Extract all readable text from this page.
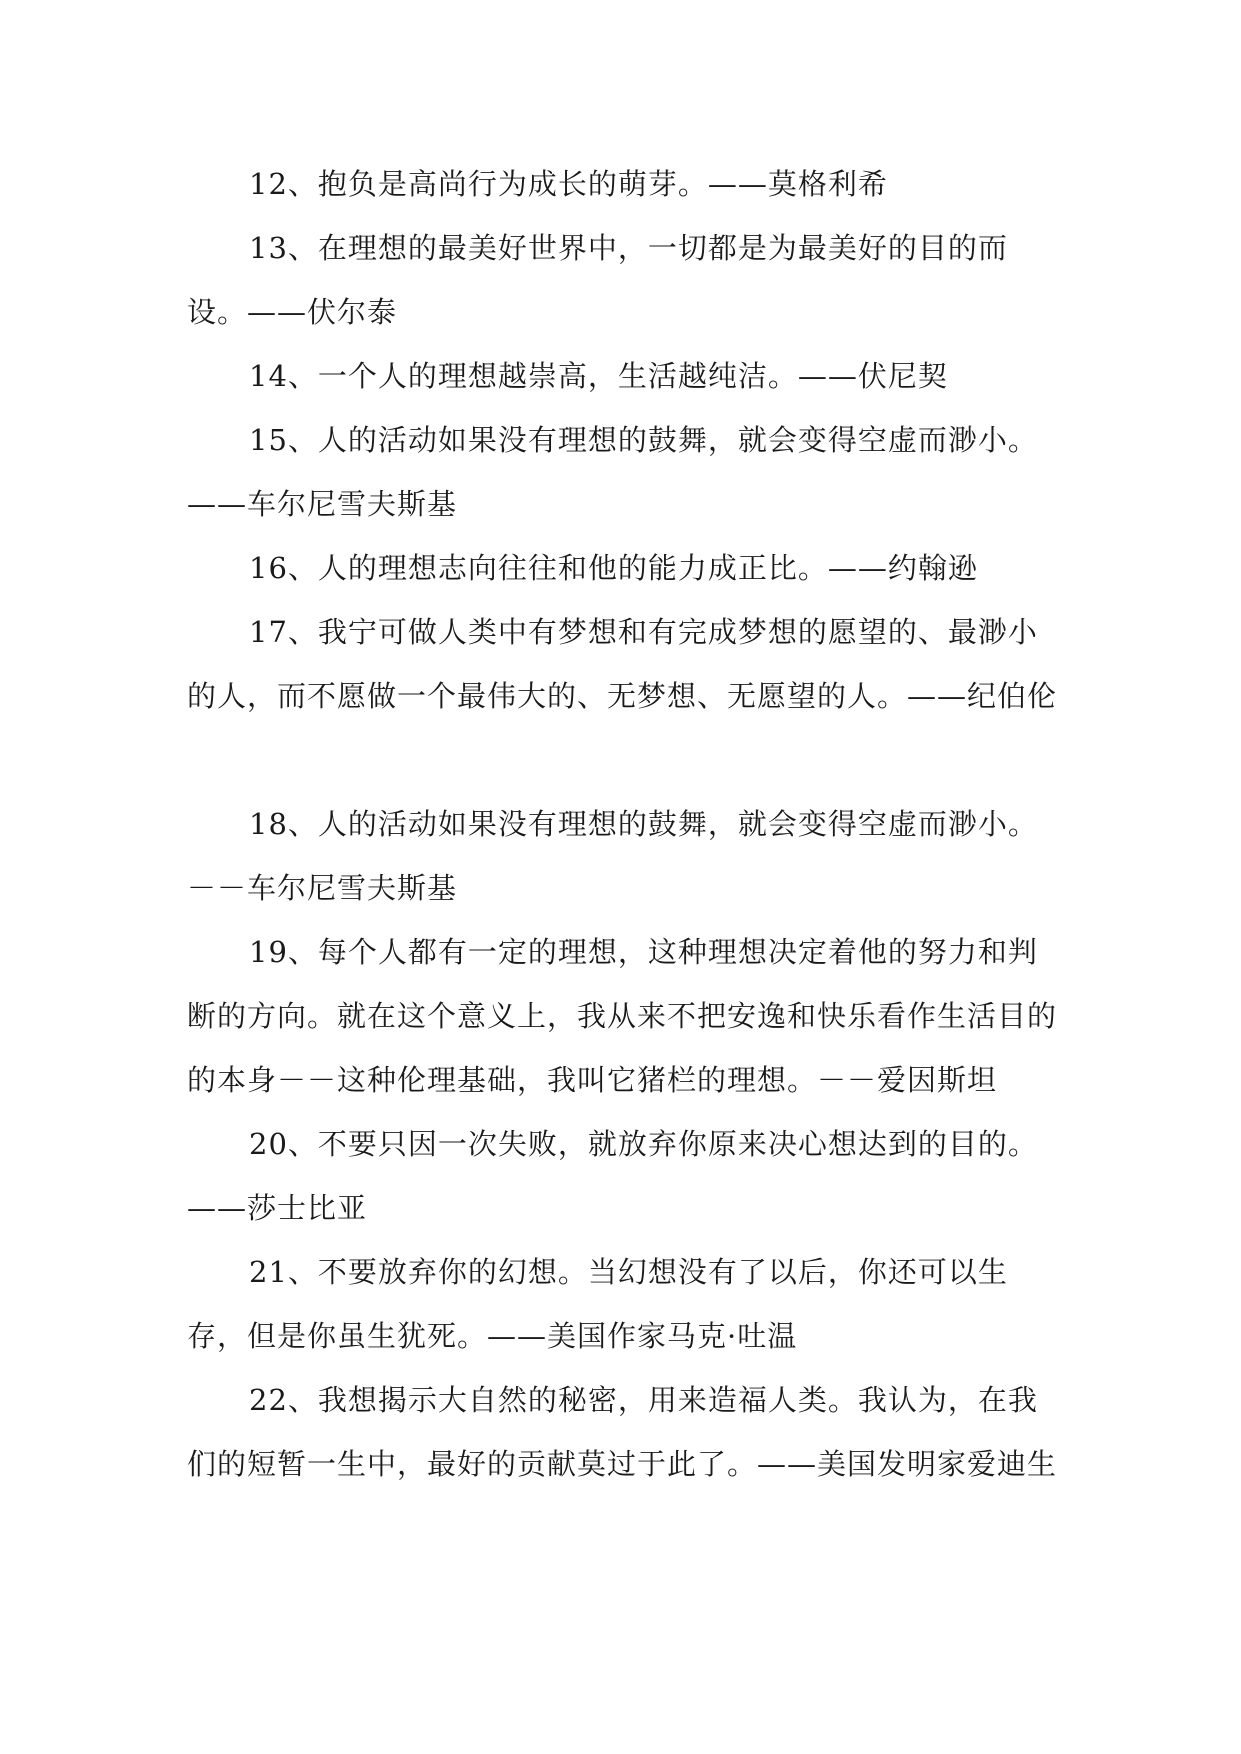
12、抱负是高尚行为成长的萌芽。——莫格利希

13、在理想的最美好世界中，一切都是为最美好的目的而设。——伏尔泰

14、一个人的理想越崇高，生活越纯洁。——伏尼契

15、人的活动如果没有理想的鼓舞，就会变得空虚而渺小。——车尔尼雪夫斯基

16、人的理想志向往往和他的能力成正比。——约翰逊

17、我宁可做人类中有梦想和有完成梦想的愿望的、最渺小的人，而不愿做一个最伟大的、无梦想、无愿望的人。——纪伯伦

18、人的活动如果没有理想的鼓舞，就会变得空虚而渺小。－－车尔尼雪夫斯基

19、每个人都有一定的理想，这种理想决定着他的努力和判断的方向。就在这个意义上，我从来不把安逸和快乐看作生活目的的本身－－这种伦理基础，我叫它猪栏的理想。－－爱因斯坦

20、不要只因一次失败，就放弃你原来决心想达到的目的。——莎士比亚

21、不要放弃你的幻想。当幻想没有了以后，你还可以生存，但是你虽生犹死。——美国作家马克·吐温

22、我想揭示大自然的秘密，用来造福人类。我认为，在我们的短暂一生中，最好的贡献莫过于此了。——美国发明家爱迪生
